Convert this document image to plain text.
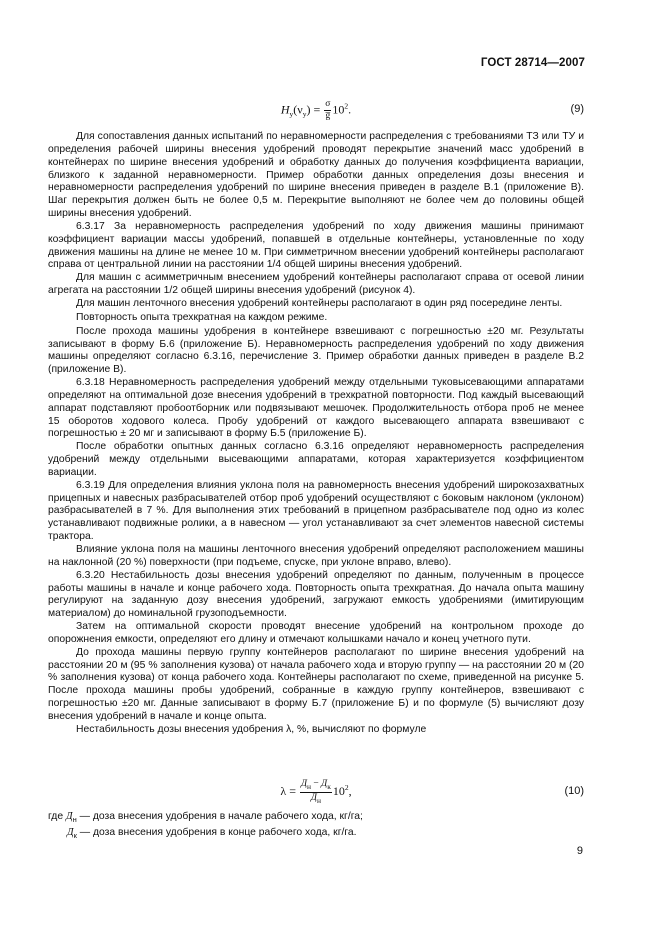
ГОСТ 28714—2007
$H_у(\nu_у) = \frac{\sigma}{g̅} 10^2$.	(9)

Для сопоставления данных испытаний по неравномерности распределения с требованиями ТЗ или ТУ и определения рабочей ширины внесения удобрений проводят перекрытие значений масс удобрений в контейнерах по ширине внесения удобрений и обработку данных до получения коэффициента вариации, близкого к заданной неравномерности. Пример обработки данных определения дозы внесения и неравномерности распределения удобрений по ширине внесения приведен в разделе В.1 (приложение В). Шаг перекрытия должен быть не более 0,5 м. Перекрытие выполняют не более чем до половины общей ширины внесения удобрений.

6.3.17 За неравномерность распределения удобрений по ходу движения машины принимают коэффициент вариации массы удобрений, попавшей в отдельные контейнеры, установленные по ходу движения машины на длине не менее 10 м. При симметричном внесении удобрений контейнеры располагают справа от центральной линии на расстоянии 1/4 общей ширины внесения удобрений.

Для машин с асимметричным внесением удобрений контейнеры располагают справа от осевой линии агрегата на расстоянии 1/2 общей ширины внесения удобрений (рисунок 4).

Для машин ленточного внесения удобрений контейнеры располагают в один ряд посередине ленты.

Повторность опыта трехкратная на каждом режиме.

После прохода машины удобрения в контейнере взвешивают с погрешностью ±20 мг. Результаты записывают в форму Б.6 (приложение Б). Неравномерность распределения удобрений по ходу движения машины определяют согласно 6.3.16, перечисление 3. Пример обработки данных приведен в разделе В.2 (приложение В).

6.3.18 Неравномерность распределения удобрений между отдельными туковысевающими аппаратами определяют на оптимальной дозе внесения удобрений в трехкратной повторности. Под каждый высевающий аппарат подставляют пробоотборник или подвязывают мешочек. Продолжительность отбора проб не менее 15 оборотов ходового колеса. Пробу удобрений от каждого высевающего аппарата взвешивают с погрешностью ± 20 мг и записывают в форму Б.5 (приложение Б).

После обработки опытных данных согласно 6.3.16 определяют неравномерность распределения удобрений между отдельными высевающими аппаратами, которая характеризуется коэффициентом вариации.

6.3.19 Для определения влияния уклона поля на равномерность внесения удобрений широкозахватных прицепных и навесных разбрасывателей отбор проб удобрений осуществляют с боковым наклоном (уклоном) разбрасывателей в 7 %. Для выполнения этих требований в прицепном разбрасывателе под одно из колес устанавливают подвижные ролики, а в навесном — угол устанавливают за счет элементов навесной системы трактора.

Влияние уклона поля на машины ленточного внесения удобрений определяют расположением машины на наклонной (20 %) поверхности (при подъеме, спуске, при уклоне вправо, влево).

6.3.20 Нестабильность дозы внесения удобрений определяют по данным, полученным в процессе работы машины в начале и конце рабочего хода. Повторность опыта трехкратная. До начала опыта машину регулируют на заданную дозу внесения удобрений, загружают емкость удобрениями (имитирующим материалом) до номинальной грузоподъемности.

Затем на оптимальной скорости проводят внесение удобрений на контрольном проходе до опорожнения емкости, определяют его длину и отмечают колышками начало и конец учетного пути.

До прохода машины первую группу контейнеров располагают по ширине внесения удобрений на расстоянии 20 м (95 % заполнения кузова) от начала рабочего хода и вторую группу — на расстоянии 20 м (20 % заполнения кузова) от конца рабочего хода. Контейнеры располагают по схеме, приведенной на рисунке 5. После прохода машины пробы удобрений, собранные в каждую группу контейнеров, взвешивают с погрешностью ±20 мг. Данные записывают в форму Б.7 (приложение Б) и по формуле (5) вычисляют дозу внесения удобрений в начале и конце опыта.

Нестабильность дозы внесения удобрения λ, %, вычисляют по формуле

$\lambda = \frac{Д_н - Д_к}{Д_н} 10^2$,	(10)

где $Д_н$ — доза внесения удобрения в начале рабочего хода, кг/га;

$Д_к$ — доза внесения удобрения в конце рабочего хода, кг/га.

9
